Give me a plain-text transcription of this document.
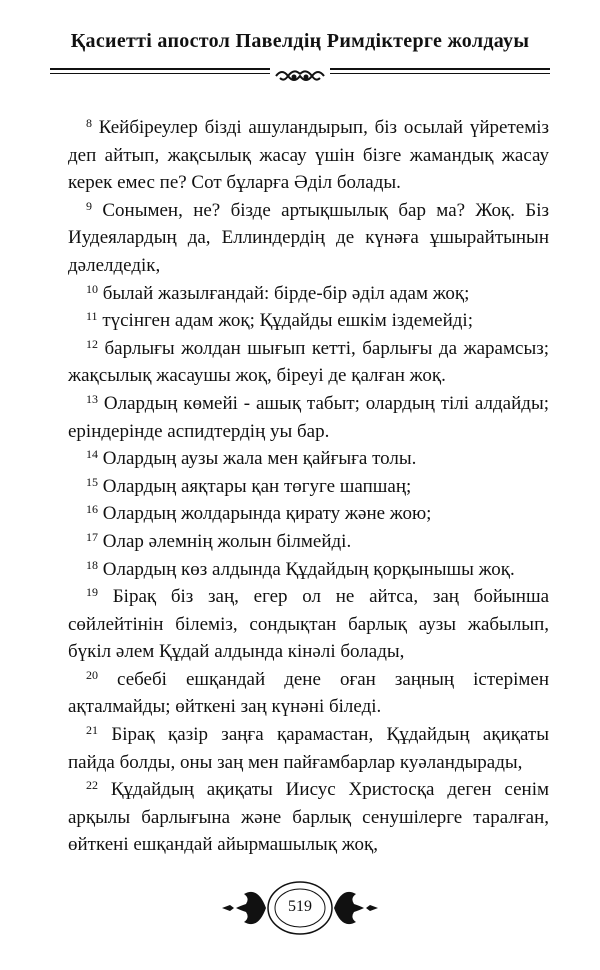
Қасиетті апостол Павелдің Римдіктерге жолдауы

$^8$ Кейбіреулер бізді ашуландырып, біз осылай үйретеміз деп айтып, жақсылық жасау үшін бізге жамандық жасау керек емес пе? Сот бұларға Әділ болады.

$^9$ Сонымен, не? бізде артықшылық бар ма? Жоқ. Біз Иудеялардың да, Еллиндердің де күнәға ұшырайтынын дәлелдедік,

$^{10}$ былай жазылғандай: бірде-бір әділ адам жоқ;

$^{11}$ түсінген адам жоқ; Құдайды ешкім іздемейді;

$^{12}$ барлығы жолдан шығып кетті, барлығы да жарамсыз; жақсылық жасаушы жоқ, біреуі де қалған жоқ.

$^{13}$ Олардың көмейі - ашық табыт; олардың тілі алдайды; еріндерінде аспидтердің уы бар.

$^{14}$ Олардың аузы жала мен қайғыға толы.

$^{15}$ Олардың аяқтары қан төгуге шапшаң;

$^{16}$ Олардың жолдарында қирату және жою;

$^{17}$ Олар әлемнің жолын білмейді.

$^{18}$ Олардың көз алдында Құдайдың қорқынышы жоқ.

$^{19}$ Бірақ біз заң, егер ол не айтса, заң бойынша сөйлейтінін білеміз, сондықтан барлық аузы жабылып, бүкіл әлем Құдай алдында кінәлі болады,

$^{20}$ себебі ешқандай дене оған заңның істерімен ақталмайды; өйткені заң күнәні біледі.

$^{21}$ Бірақ қазір заңға қарамастан, Құдайдың ақиқаты пайда болды, оны заң мен пайғамбарлар куәландырады,

$^{22}$ Құдайдың ақиқаты Иисус Христосқа деген сенім арқылы барлығына және барлық сенушілерге таралған, өйткені ешқандай айырмашылық жоқ,

519
